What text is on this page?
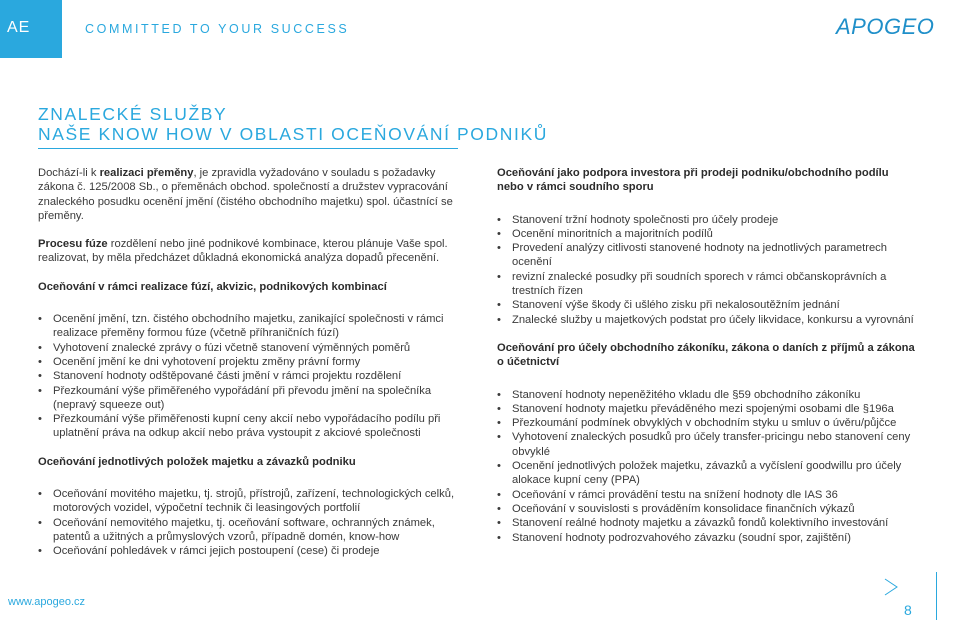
AE	COMMITTED TO YOUR SUCCESS	APOGEO
ZNALECKÉ SLUŽBY
NAŠE KNOW HOW V OBLASTI OCEŇOVÁNÍ PODNIKŮ

Dochází-li k realizaci přeměny, je zpravidla vyžadováno v souladu s požadavky zákona č. 125/2008 Sb., o přeměnách obchod. společností a družstev vypracování znaleckého posudku ocenění jmění (čistého obchodního majetku) spol. účastnící se přeměny.

Procesu fúze rozdělení nebo jiné podnikové kombinace, kterou plánuje Vaše spol. realizovat, by měla předcházet důkladná ekonomická analýza dopadů přecenění.

Oceňování v rámci realizace fúzí, akvizic, podnikových kombinací

• Ocenění jmění, tzn. čistého obchodního majetku, zanikající společnosti v rámci realizace přeměny formou fúze (včetně příhraničních fúzí)
• Vyhotovení znalecké zprávy o fúzi včetně stanovení výměnných poměrů
• Ocenění jmění ke dni vyhotovení projektu změny právní formy
• Stanovení hodnoty odštěpované části jmění v rámci projektu rozdělení
• Přezkoumání výše přiměřeného vypořádání při převodu jmění na společníka (nepravý squeeze out)
• Přezkoumání výše přiměřenosti kupní ceny akcií nebo vypořádacího podílu při uplatnění práva na odkup akcií nebo práva vystoupit z akciové společnosti

Oceňování jednotlivých položek majetku a závazků podniku

• Oceňování movitého majetku, tj. strojů, přístrojů, zařízení, technologických celků, motorových vozidel, výpočetní technik či leasingových portfolií
• Oceňování nemovitého majetku, tj. oceňování software, ochranných známek, patentů a užitných a průmyslových vzorů, případně domén, know-how
• Oceňování pohledávek v rámci jejich postoupení (cese) či prodeje

Oceňování jako podpora investora při prodeji podniku/obchodního podílu nebo v rámci soudního sporu

• Stanovení tržní hodnoty společnosti pro účely prodeje
• Ocenění minoritních a majoritních podílů
• Provedení analýzy citlivosti stanovené hodnoty na jednotlivých parametrech ocenění
• revizní znalecké posudky při soudních sporech v rámci občanskoprávních a trestních řízen
• Stanovení výše škody či ušlého zisku při nekalosoutěžním jednání
• Znalecké služby u majetkových podstat pro účely likvidace, konkursu a vyrovnání

Oceňování pro účely obchodního zákoníku, zákona o daních z příjmů a zákona o účetnictví

• Stanovení hodnoty nepeněžitého vkladu dle §59 obchodního zákoníku
• Stanovení hodnoty majetku převáděného mezi spojenými osobami dle §196a
• Přezkoumání podmínek obvyklých v obchodním styku u smluv o úvěru/půjčce
• Vyhotovení znaleckých posudků pro účely transfer-pricingu nebo stanovení ceny obvyklé
• Ocenění jednotlivých položek majetku, závazků a vyčíslení goodwillu pro účely alokace kupní ceny (PPA)
• Oceňování v rámci provádění testu na snížení hodnoty dle IAS 36
• Oceňování v souvislosti s prováděním konsolidace finančních výkazů
• Stanovení reálné hodnoty majetku a závazků fondů kolektivního investování
• Stanovení hodnoty podrozvahového závazku (soudní spor, zajištění)
www.apogeo.cz	8
